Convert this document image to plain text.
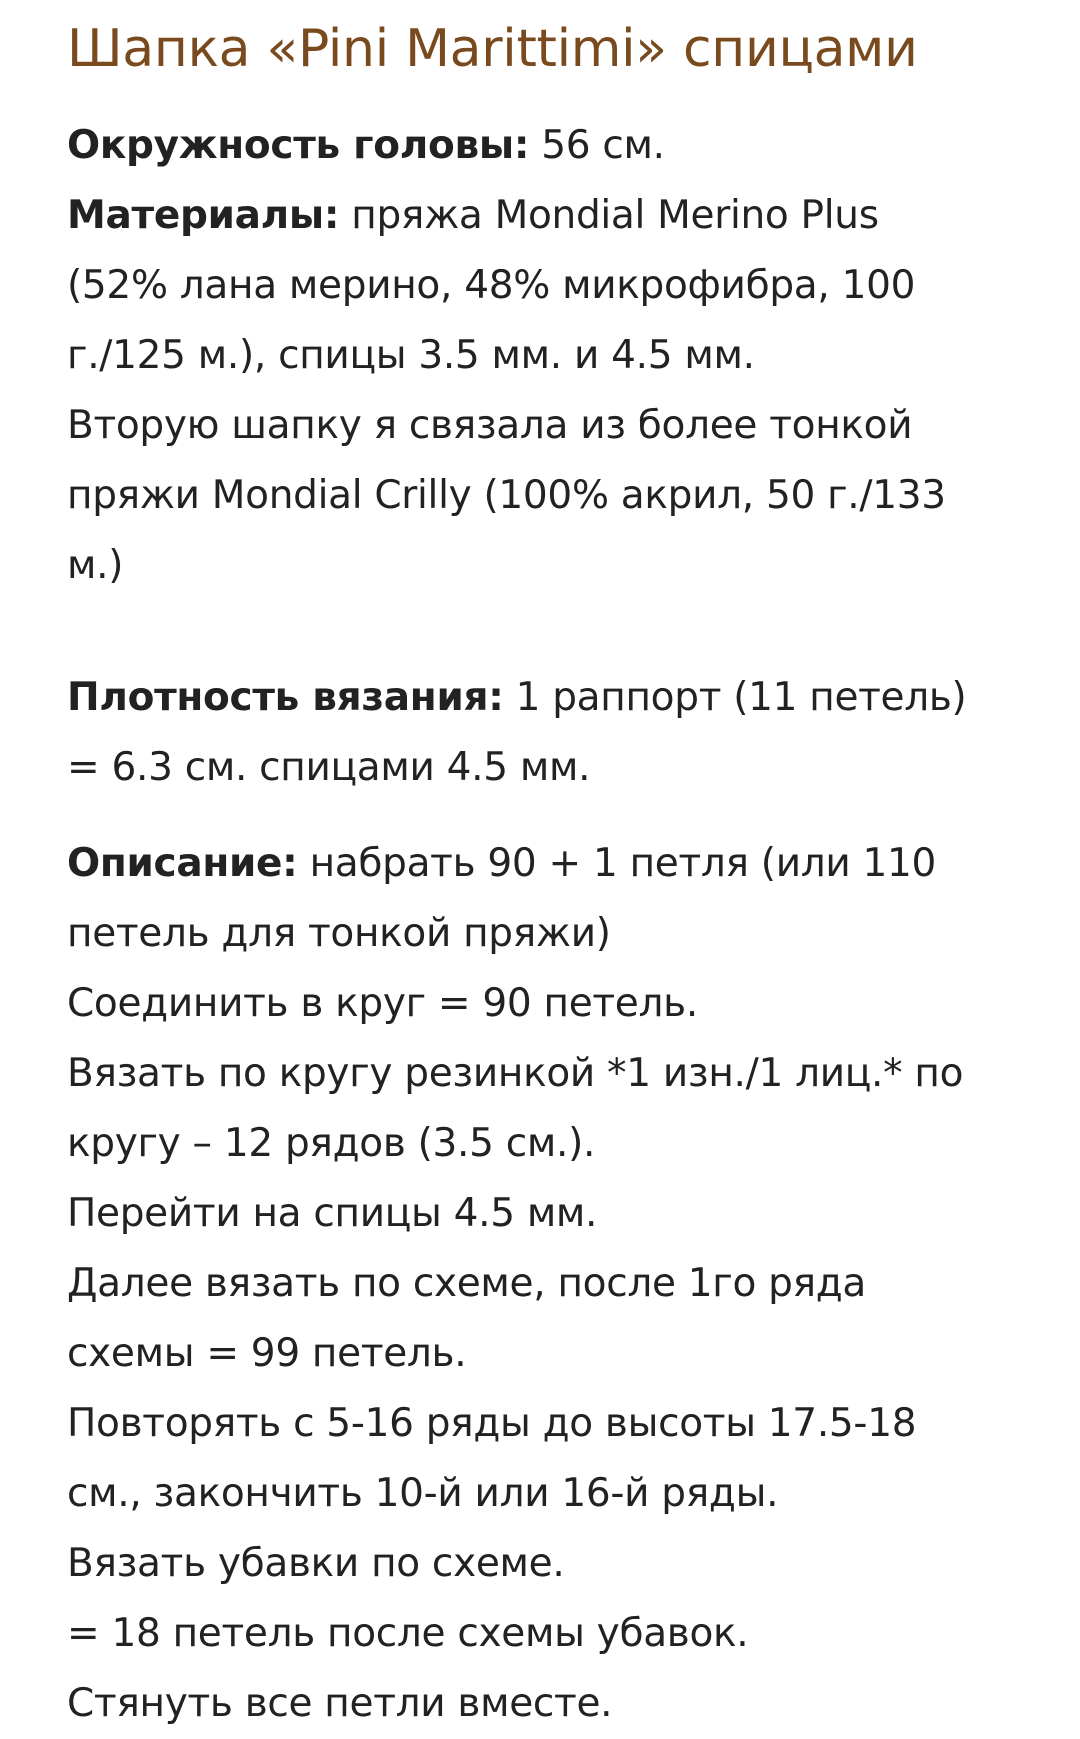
Шапка «Pini Marittimi» спицами

Окружность головы: 56 см.

Материалы: пряжа Mondial Merino Plus
(52% лана мерино, 48% микрофибра, 100
г./125 м.), спицы 3.5 мм. и 4.5 мм.
Вторую шапку я связала из более тонкой
пряжи Mondial Crilly (100% акрил, 50 г./133
м.)

Плотность вязания: 1 раппорт (11 петель)
= 6.3 см. спицами 4.5 мм.

Описание: набрать 90 + 1 петля (или 110
петель для тонкой пряжи)
Соединить в круг = 90 петель.
Вязать по кругу резинкой *1 изн./1 лиц.* по
кругу – 12 рядов (3.5 см.).
Перейти на спицы 4.5 мм.
Далее вязать по схеме, после 1го ряда
схемы = 99 петель.
Повторять с 5-16 ряды до высоты 17.5-18
см., закончить 10-й или 16-й ряды.
Вязать убавки по схеме.
= 18 петель после схемы убавок.
Стянуть все петли вместе.
